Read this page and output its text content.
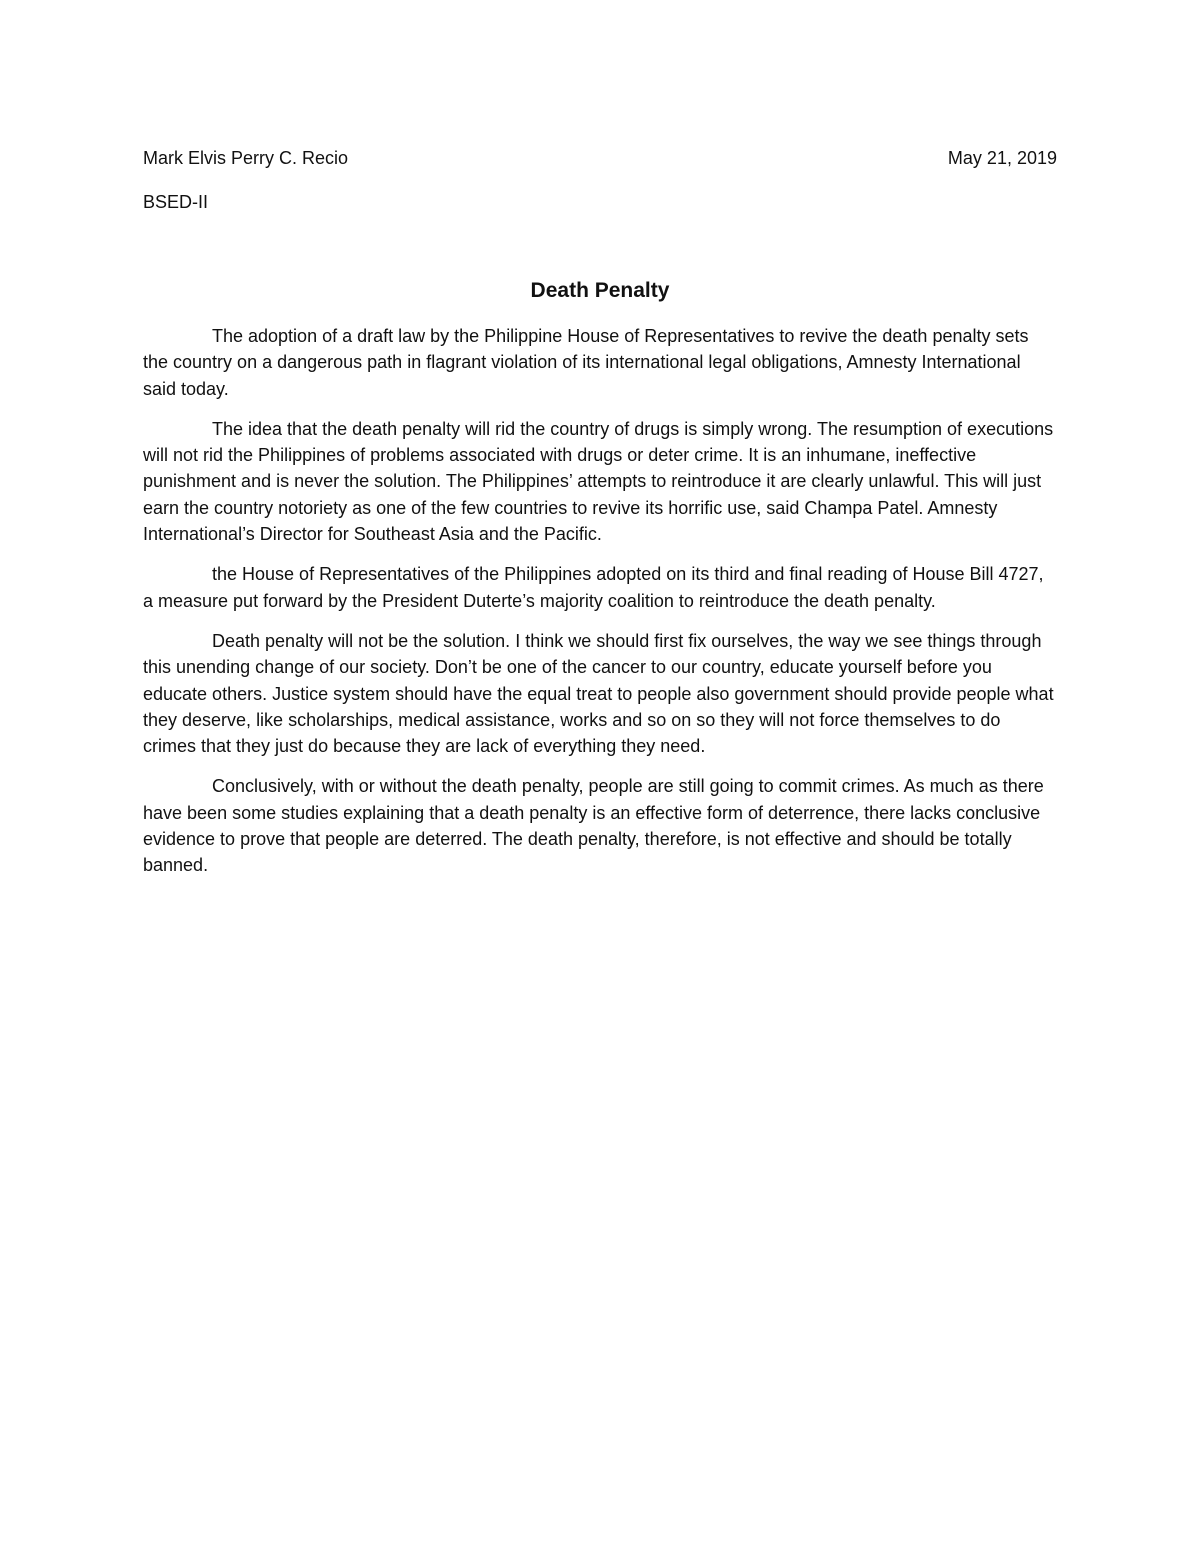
Mark Elvis Perry C. Recio	May 21, 2019
BSED-II
Death Penalty

The adoption of a draft law by the Philippine House of Representatives to revive the death penalty sets the country on a dangerous path in flagrant violation of its international legal obligations, Amnesty International said today.

The idea that the death penalty will rid the country of drugs is simply wrong. The resumption of executions will not rid the Philippines of problems associated with drugs or deter crime. It is an inhumane, ineffective punishment and is never the solution. The Philippines’ attempts to reintroduce it are clearly unlawful. This will just earn the country notoriety as one of the few countries to revive its horrific use, said Champa Patel. Amnesty International’s Director for Southeast Asia and the Pacific.

the House of Representatives of the Philippines adopted on its third and final reading of House Bill 4727, a measure put forward by the President Duterte’s majority coalition to reintroduce the death penalty.

Death penalty will not be the solution. I think we should first fix ourselves, the way we see things through this unending change of our society. Don’t be one of the cancer to our country, educate yourself before you educate others. Justice system should have the equal treat to people also government should provide people what they deserve, like scholarships, medical assistance, works and so on so they will not force themselves to do crimes that they just do because they are lack of everything they need.

Conclusively, with or without the death penalty, people are still going to commit crimes. As much as there have been some studies explaining that a death penalty is an effective form of deterrence, there lacks conclusive evidence to prove that people are deterred. The death penalty, therefore, is not effective and should be totally banned.
